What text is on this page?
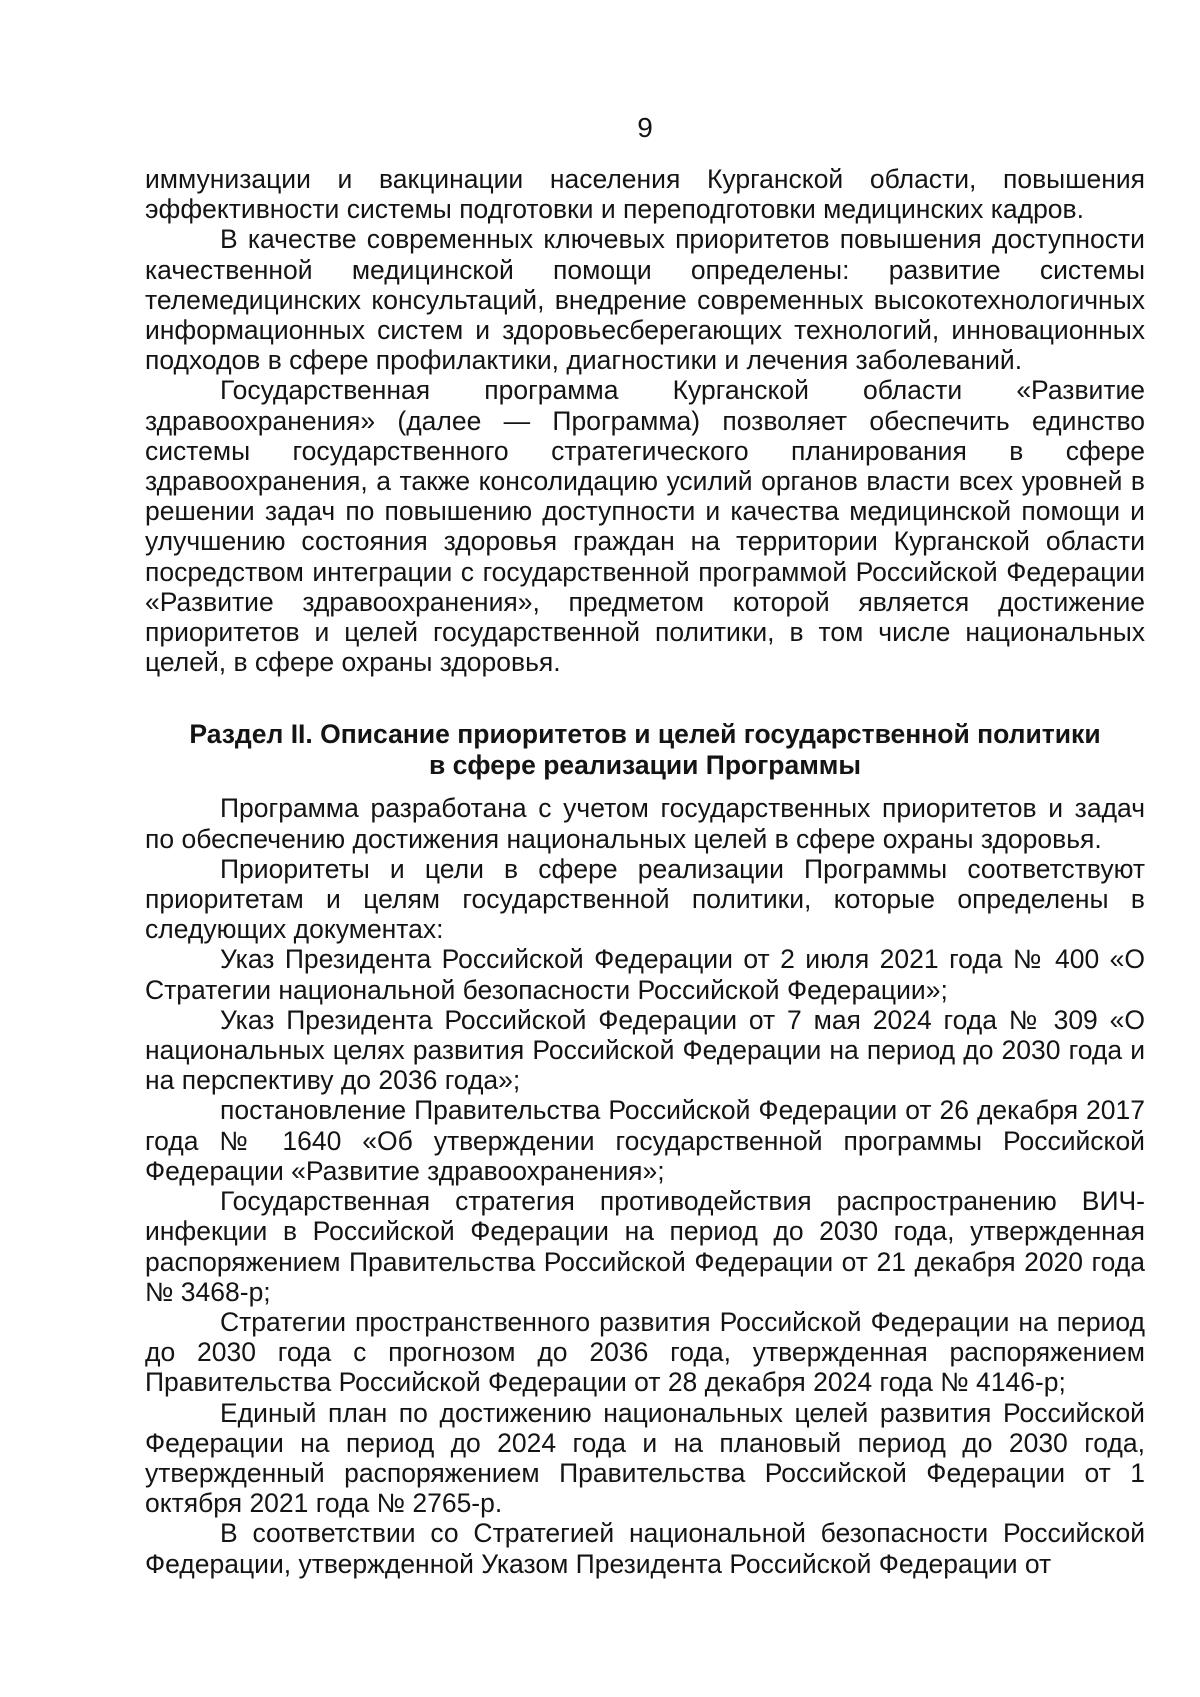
9

иммунизации и вакцинации населения Курганской области, повышения эффективности системы подготовки и переподготовки медицинских кадров.

В качестве современных ключевых приоритетов повышения доступности качественной медицинской помощи определены: развитие системы телемедицинских консультаций, внедрение современных высокотехнологичных информационных систем и здоровьесберегающих технологий, инновационных подходов в сфере профилактики, диагностики и лечения заболеваний.

Государственная программа Курганской области «Развитие здравоохранения» (далее — Программа) позволяет обеспечить единство системы государственного стратегического планирования в сфере здравоохранения, а также консолидацию усилий органов власти всех уровней в решении задач по повышению доступности и качества медицинской помощи и улучшению состояния здоровья граждан на территории Курганской области посредством интеграции с государственной программой Российской Федерации «Развитие здравоохранения», предметом которой является достижение приоритетов и целей государственной политики, в том числе национальных целей, в сфере охраны здоровья.

Раздел II. Описание приоритетов и целей государственной политики
в сфере реализации Программы

Программа разработана с учетом государственных приоритетов и задач по обеспечению достижения национальных целей в сфере охраны здоровья.

Приоритеты и цели в сфере реализации Программы соответствуют приоритетам и целям государственной политики, которые определены в следующих документах:

Указ Президента Российской Федерации от 2 июля 2021 года № 400 «О Стратегии национальной безопасности Российской Федерации»;

Указ Президента Российской Федерации от 7 мая 2024 года № 309 «О национальных целях развития Российской Федерации на период до 2030 года и на перспективу до 2036 года»;

постановление Правительства Российской Федерации от 26 декабря 2017 года № 1640 «Об утверждении государственной программы Российской Федерации «Развитие здравоохранения»;

Государственная стратегия противодействия распространению ВИЧ-инфекции в Российской Федерации на период до 2030 года, утвержденная распоряжением Правительства Российской Федерации от 21 декабря 2020 года № 3468-р;

Стратегии пространственного развития Российской Федерации на период до 2030 года с прогнозом до 2036 года, утвержденная распоряжением Правительства Российской Федерации от 28 декабря 2024 года № 4146-р;

Единый план по достижению национальных целей развития Российской Федерации на период до 2024 года и на плановый период до 2030 года, утвержденный распоряжением Правительства Российской Федерации от 1 октября 2021 года № 2765-р.

В соответствии со Стратегией национальной безопасности Российской Федерации, утвержденной Указом Президента Российской Федерации от
